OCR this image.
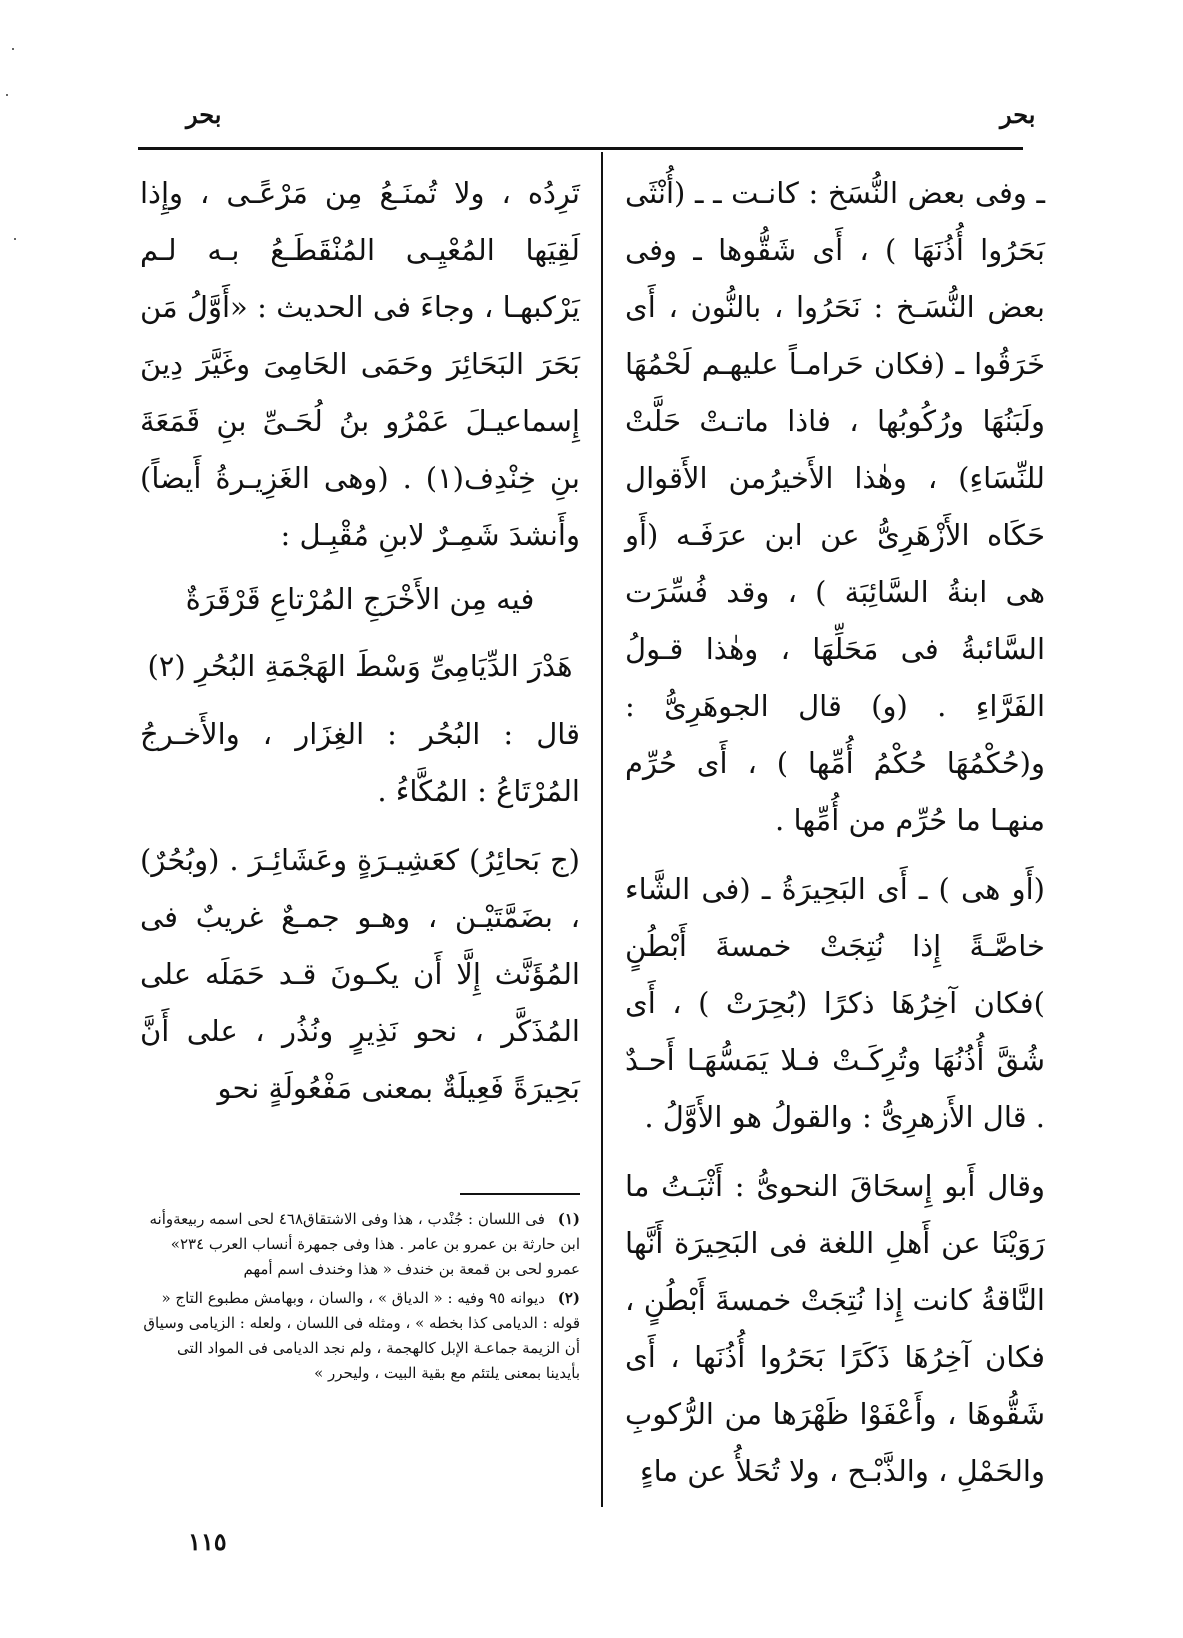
بحر	بحر

ـ وفى بعض النُّسَخ : كانـت ـ ـ (أُنْثَى بَحَرُوا أُذُنَهَا ) ، أَى شَقُّوها ـ وفى بعض النُّسَـخ : نَحَرُوا ، بالنُّون ، أَى خَرَقُوا ـ (فكان حَرامـاً عليهـم لَحْمُهَا ولَبَنُهَا ورُكُوبُها ، فاذا ماتـتْ حَلَّتْ للنِّسَاءِ) ، وهٰذا الأَخيرُمن الأَقوال حَكَاه الأَزْهَرِىُّ عن ابن عرَفَـه (أَو هى ابنةُ السَّائِبَة ) ، وقد فُسِّرَت السَّائبةُ فى مَحَلِّهَا ، وهٰذا قـولُ الفَرَّاءِ . (و) قال الجوهَرِىُّ : و(حُكْمُهَا حُكْمُ أُمِّها ) ، أَى حُرِّم منهـا ما حُرِّم من أُمِّها .

(أَو هى ) ـ أَى البَحِيرَةُ ـ (فى الشَّاء خاصَّـةً إِذا نُتِجَتْ خمسةَ أَبْطُنٍ )فكان آخِرُهَا ذكرًا (بُحِرَتْ ) ، أَى شُقَّ أُذُنُهَا وتُرِكَـتْ فـلا يَمَسُّهَـا أَحـدٌ . قال الأَزهرِىُّ : والقولُ هو الأَوَّلُ .

وقال أَبو إِسحَاقَ النحوىُّ : أَثْبَـتُ ما رَوَيْنَا عن أَهلِ اللغة فى البَحِيرَة أَنَّها النَّاقةُ كانت إِذا نُتِجَتْ خمسةَ أَبْطُنٍ ، فكان آخِرُهَا ذَكَرًا بَحَرُوا أُذُنَها ، أَى شَقُّوهَا ، وأَعْفَوْا ظَهْرَها من الرُّكوبِ والحَمْلِ ، والذَّبْـح ، ولا تُحَلأُ عن ماءٍ

تَرِدُه ، ولا تُمنَـعُ مِن مَرْعًـى ، وإِذا لَقِيَها المُعْيِـى المُنْقَطَـعُ بـه لـم يَرْكبهـا ، وجاءَ فى الحديث : «أَوَّلُ مَن بَحَرَ البَحَائِرَ وحَمَى الحَامِىَ وغَيَّرَ دِينَ إِسماعيـلَ عَمْرُو بنُ لُحَـىِّ بنِ قَمَعَةَ بنِ خِنْدِف(١) . (وهى الغَزِيـرةُ أَيضاً) وأَنشدَ شَمِـرٌ لابنِ مُقْبِـل :

فيه مِن الأَخْرَجِ المُرْتاعِ قَرْقَرَةٌ
هَدْرَ الدِّيَامِىِّ وَسْطَ الهَجْمَةِ البُحُرِ (٢)

قال : البُحُر : الغِزَار ، والأَخـرجُ المُرْتَاعُ : المُكَّاءُ .

(ج بَحائِرُ) كعَشِيـرَةٍ وعَشَائِـرَ . (وبُحُرٌ) ، بضَمَّتَيْـن ، وهـو جمـعٌ غريبٌ فى المُؤَنَّث إِلَّا أَن يكـونَ قـد حَمَلَه على المُذَكَّر ، نحو نَذِيرٍ ونُذُر ، على أَنَّ بَحِيرَةً فَعِيلَةٌ بمعنى مَفْعُولَةٍ نحو

(١) فى اللسان : جُنْدب ، هذا وفى الاشتقاق٤٦٨ لحى اسمه ربيعةوأنه ابن حارثة بن عمرو بن عامر . هذا وفى جمهرة أنساب العرب ٢٣٤» عمرو لحى بن قمعة بن خندف « هذا وخندف اسم أمهم

(٢) ديوانه ٩٥ وفيه : « الدياق » ، والسان ، وبهامش مطبوع التاج « قوله : الديامى كذا بخطه » ، ومثله فى اللسان ، ولعله : الزيامى وسياق أن الزيمة جماعـة الإبل كالهجمة ، ولم نجد الديامى فى المواد التى بأيدينا بمعنى يلتئم مع بقية البيت ، وليحرر »

١١٥
